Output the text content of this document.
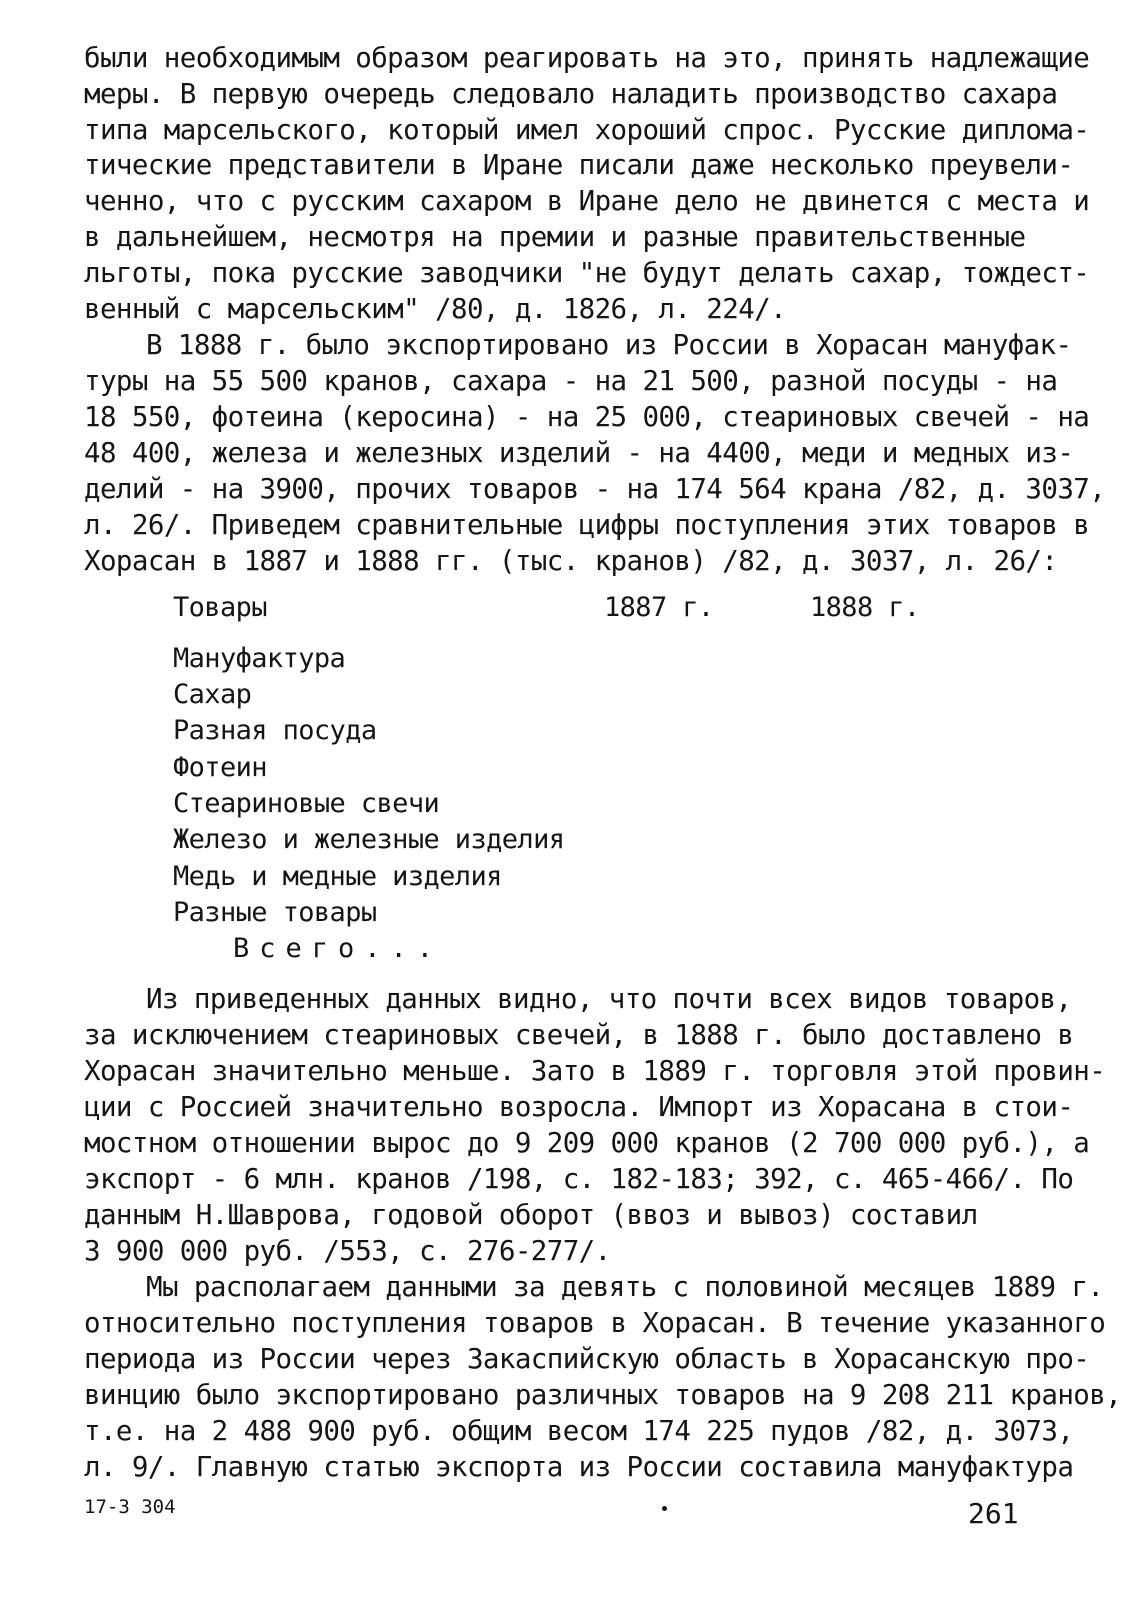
были необходимым образом реагировать на это, принять надлежащие
меры. В первую очередь следовало наладить производство сахара
типа марсельского, который имел хороший спрос. Русские диплома-
тические представители в Иране писали даже несколько преувели-
ченно, что с русским сахаром в Иране дело не двинется с места и
в дальнейшем, несмотря на премии и разные правительственные
льготы, пока русские заводчики "не будут делать сахар, тождест-
венный с марсельским" /80, д. 1826, л. 224/.
В 1888 г. было экспортировано из России в Хорасан мануфак-
туры на 55 500 кранов, сахара - на 21 500, разной посуды - на
18 550, фотеина (керосина) - на 25 000, стеариновых свечей - на
48 400, железа и железных изделий - на 4400, меди и медных из-
делий - на 3900, прочих товаров - на 174 564 крана /82, д. 3037,
л. 26/. Приведем сравнительные цифры поступления этих товаров в
Хорасан в 1887 и 1888 гг. (тыс. кранов) /82, д. 3037, л. 26/:
Товары	1887 г.	1888 г.
Мануфактура
Сахар
Разная посуда
Фотеин
Стеариновые свечи
Железо и железные изделия
Медь и медные изделия
Разные товары
Всего...
Из приведенных данных видно, что почти всех видов товаров,
за исключением стеариновых свечей, в 1888 г. было доставлено в
Хорасан значительно меньше. Зато в 1889 г. торговля этой провин-
ции с Россией значительно возросла. Импорт из Хорасана в стои-
мостном отношении вырос до 9 209 000 кранов (2 700 000 руб.), а
экспорт - 6 млн. кранов /198, с. 182-183; 392, с. 465-466/. По
данным Н.Шаврова, годовой оборот (ввоз и вывоз) составил
3 900 000 руб. /553, с. 276-277/.
Мы располагаем данными за девять с половиной месяцев 1889 г.
относительно поступления товаров в Хорасан. В течение указанного
периода из России через Закаспийскую область в Хорасанскую про-
винцию было экспортировано различных товаров на 9 208 211 кранов,
т.е. на 2 488 900 руб. общим весом 174 225 пудов /82, д. 3073,
л. 9/. Главную статью экспорта из России составила мануфактура
17-3 304	261
